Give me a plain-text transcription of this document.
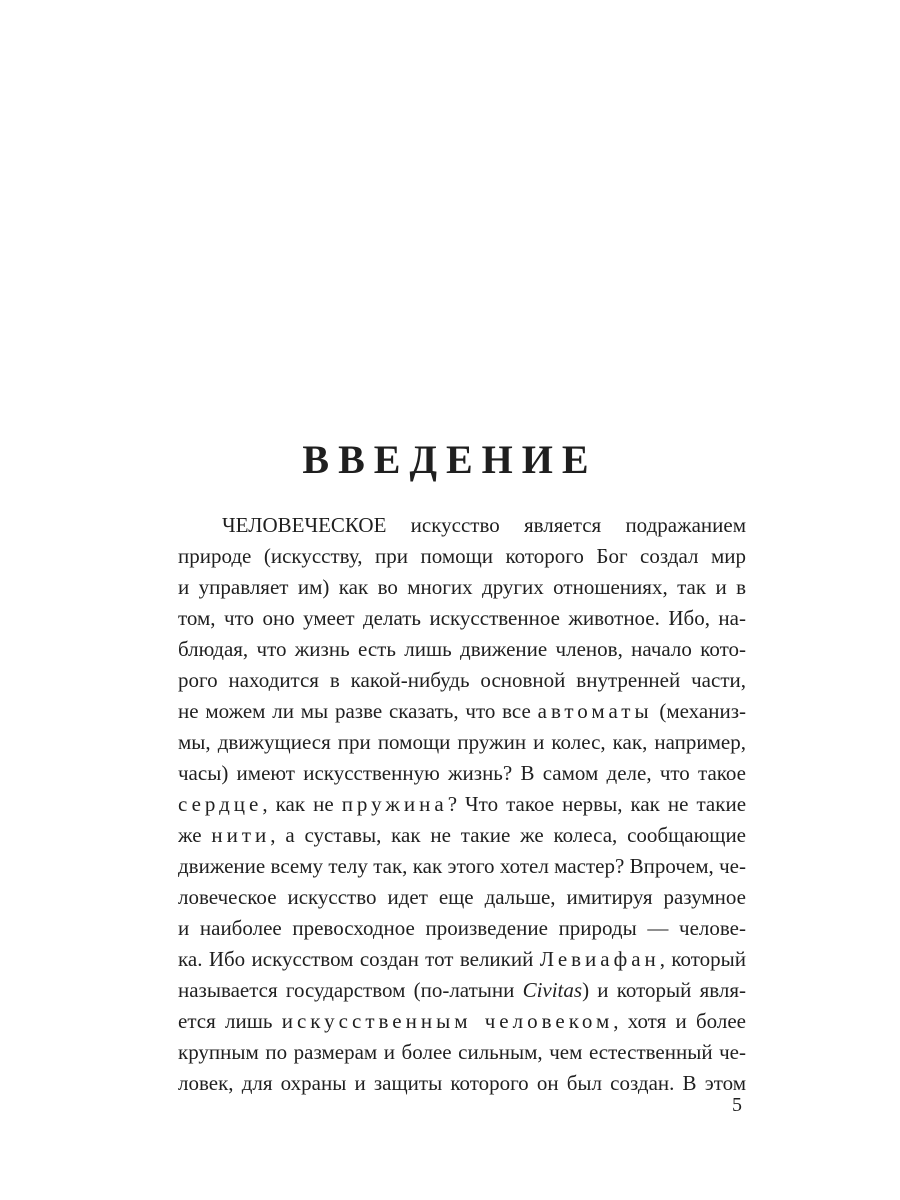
ВВЕДЕНИЕ
ЧЕЛОВЕЧЕСКОЕ искусство является подражанием
природе (искусству, при помощи которого Бог создал мир
и управляет им) как во многих других отношениях, так и в
том, что оно умеет делать искусственное животное. Ибо, на-
блюдая, что жизнь есть лишь движение членов, начало кото-
рого находится в какой-нибудь основной внутренней части,
не можем ли мы разве сказать, что все автоматы (механиз-
мы, движущиеся при помощи пружин и колес, как, например,
часы) имеют искусственную жизнь? В самом деле, что такое
сердце, как не пружина? Что такое нервы, как не такие
же нити, а суставы, как не такие же колеса, сообщающие
движение всему телу так, как этого хотел мастер? Впрочем, че-
ловеческое искусство идет еще дальше, имитируя разумное
и наиболее превосходное произведение природы — челове-
ка. Ибо искусством создан тот великий Левиафан, который
называется государством (по-латыни Civitas) и который явля-
ется лишь искусственным человеком, хотя и более
крупным по размерам и более сильным, чем естественный че-
ловек, для охраны и защиты которого он был создан. В этом
5
